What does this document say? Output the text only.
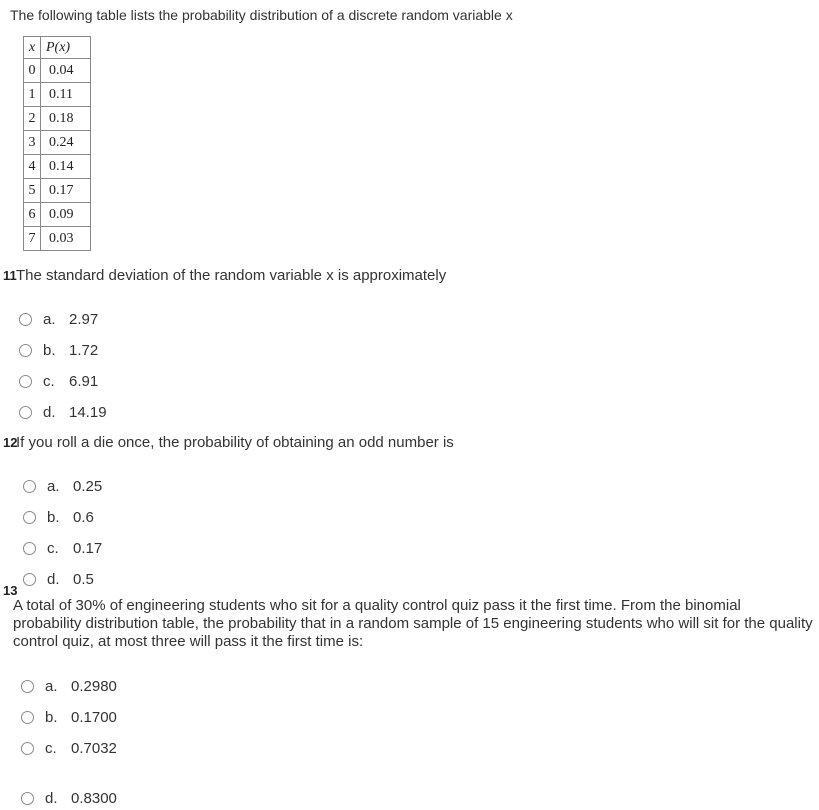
The following table lists the probability distribution of a discrete random variable x
x	P(x)
0	0.04
1	0.11
2	0.18
3	0.24
4	0.14
5	0.17
6	0.09
7	0.03
11 The standard deviation of the random variable x is approximately
a. 2.97
b. 1.72
c. 6.91
d. 14.19
12
If you roll a die once, the probability of obtaining an odd number is
a. 0.25
b. 0.6
c. 0.17
d. 0.5
13
A total of 30% of engineering students who sit for a quality control quiz pass it the first time. From the binomial probability distribution table, the probability that in a random sample of 15 engineering students who will sit for the quality control quiz, at most three will pass it the first time is:
a. 0.2980
b. 0.1700
c. 0.7032
d. 0.8300
